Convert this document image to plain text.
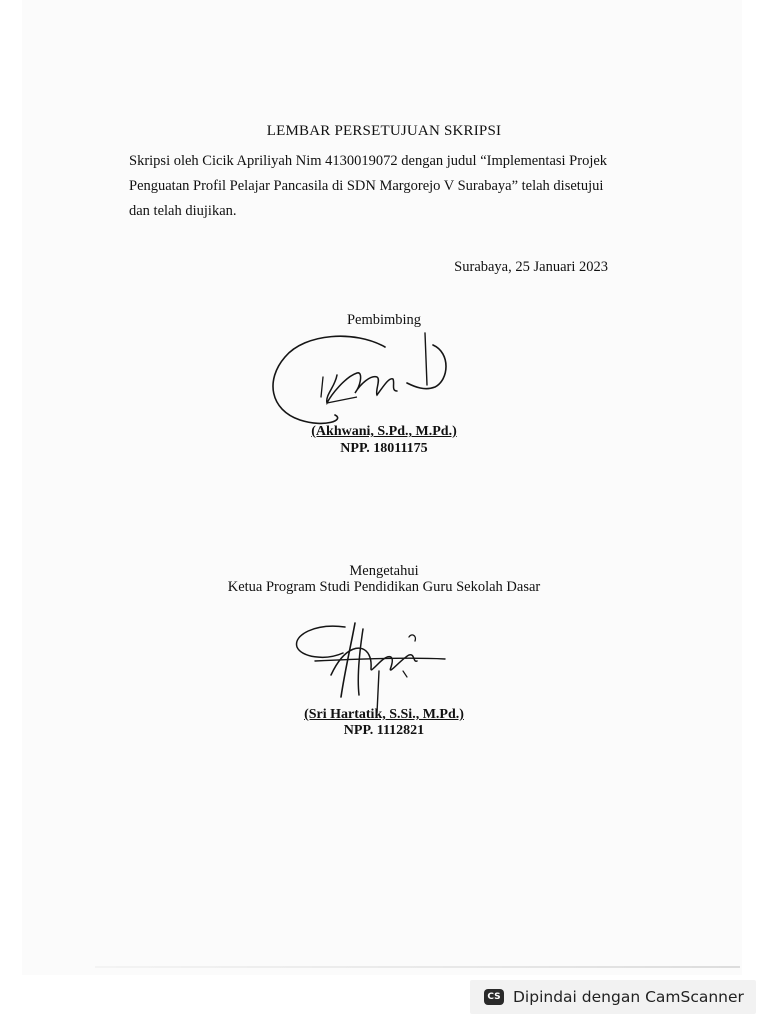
LEMBAR PERSETUJUAN SKRIPSI
Skripsi oleh Cicik Apriliyah Nim 4130019072 dengan judul “Implementasi Projek
Penguatan Profil Pelajar Pancasila di SDN Margorejo V Surabaya” telah disetujui
dan telah diujikan.
Surabaya, 25 Januari 2023
Pembimbing
(Akhwani, S.Pd., M.Pd.)
NPP. 18011175
Mengetahui
Ketua Program Studi Pendidikan Guru Sekolah Dasar
(Sri Hartatik, S.Si., M.Pd.)
NPP. 1112821
CS Dipindai dengan CamScanner
